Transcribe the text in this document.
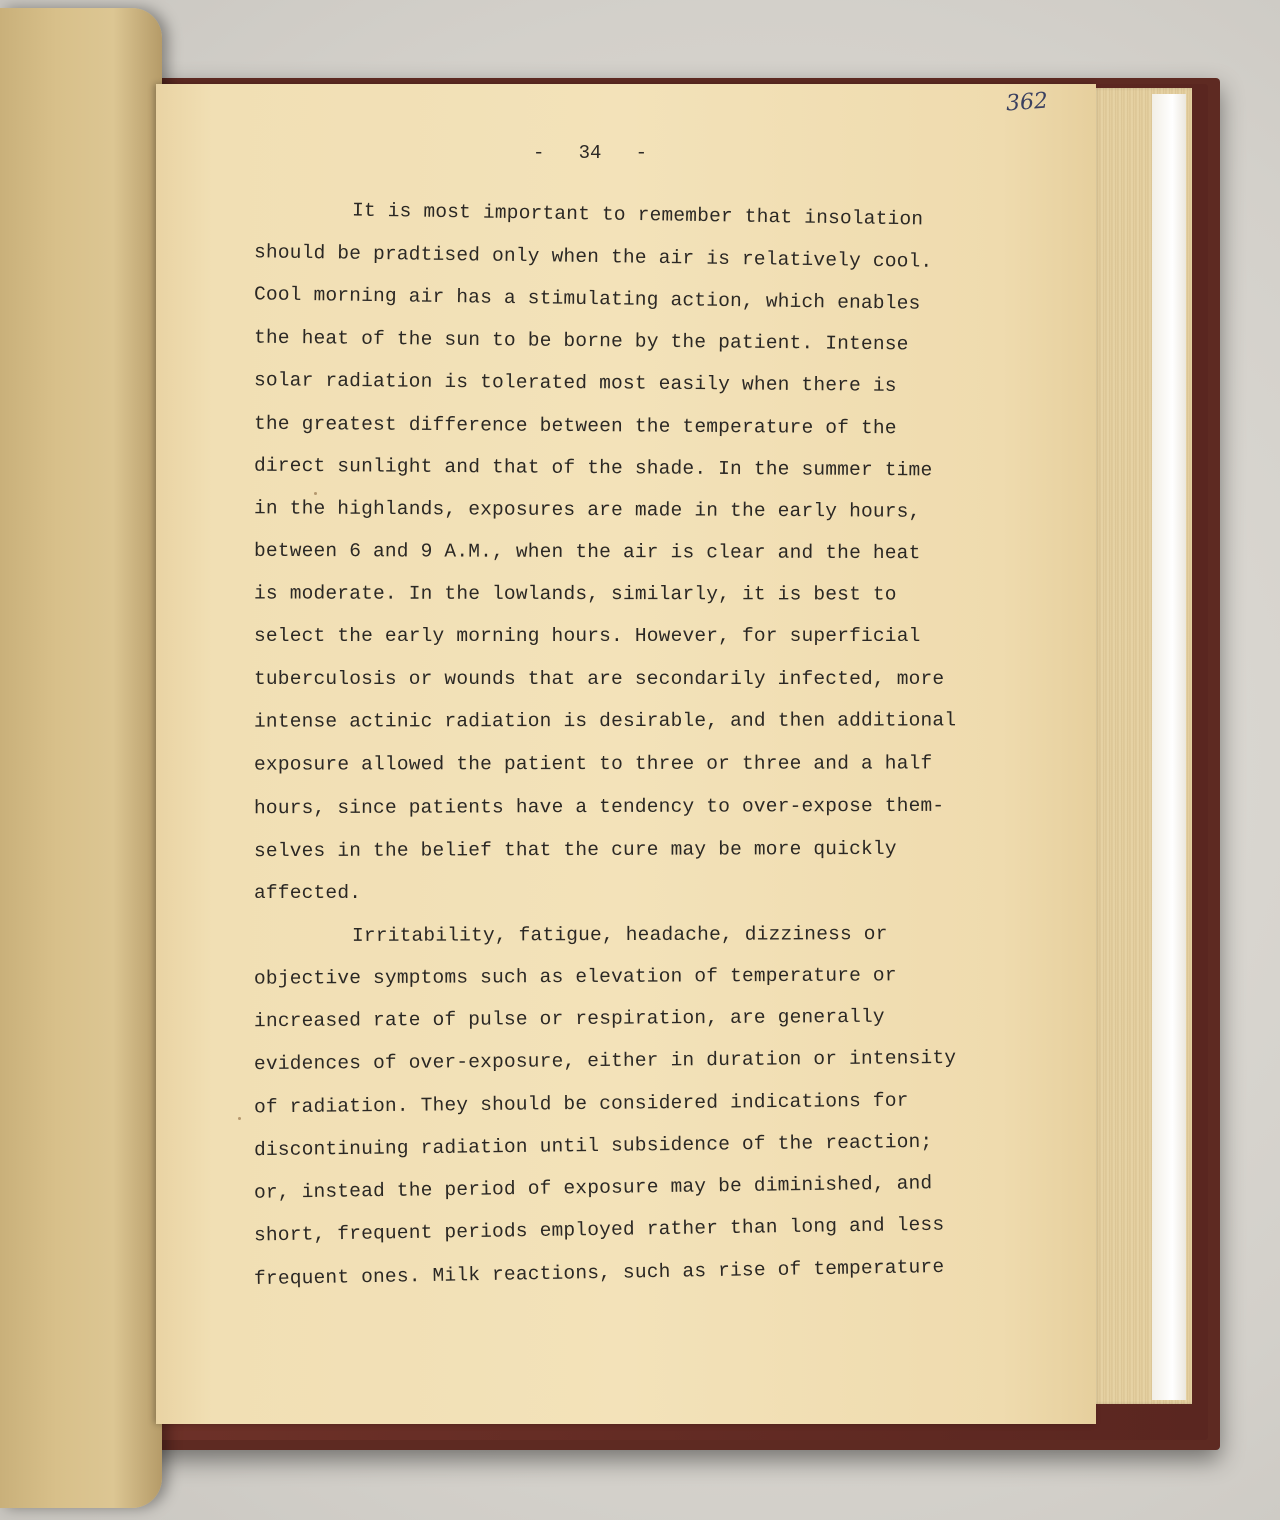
362
-   34   -
It is most important to remember that insolation
should be pradtised only when the air is relatively cool.
Cool morning air has a stimulating action, which enables
the heat of the sun to be borne by the patient. Intense
solar radiation is tolerated most easily when there is
the greatest difference between the temperature of the
direct sunlight and that of the shade. In the summer time
in the highlands, exposures are made in the early hours,
between 6 and 9 A.M., when the air is clear and the heat
is moderate. In the lowlands, similarly, it is best to
select the early morning hours. However, for superficial
tuberculosis or wounds that are secondarily infected, more
intense actinic radiation is desirable, and then additional
exposure allowed the patient to three or three and a half
hours, since patients have a tendency to over-expose them-
selves in the belief that the cure may be more quickly
affected.
Irritability, fatigue, headache, dizziness or
objective symptoms such as elevation of temperature or
increased rate of pulse or respiration, are generally
evidences of over-exposure, either in duration or intensity
of radiation. They should be considered indications for
discontinuing radiation until subsidence of the reaction;
or, instead the period of exposure may be diminished, and
short, frequent periods employed rather than long and less
frequent ones. Milk reactions, such as rise of temperature
